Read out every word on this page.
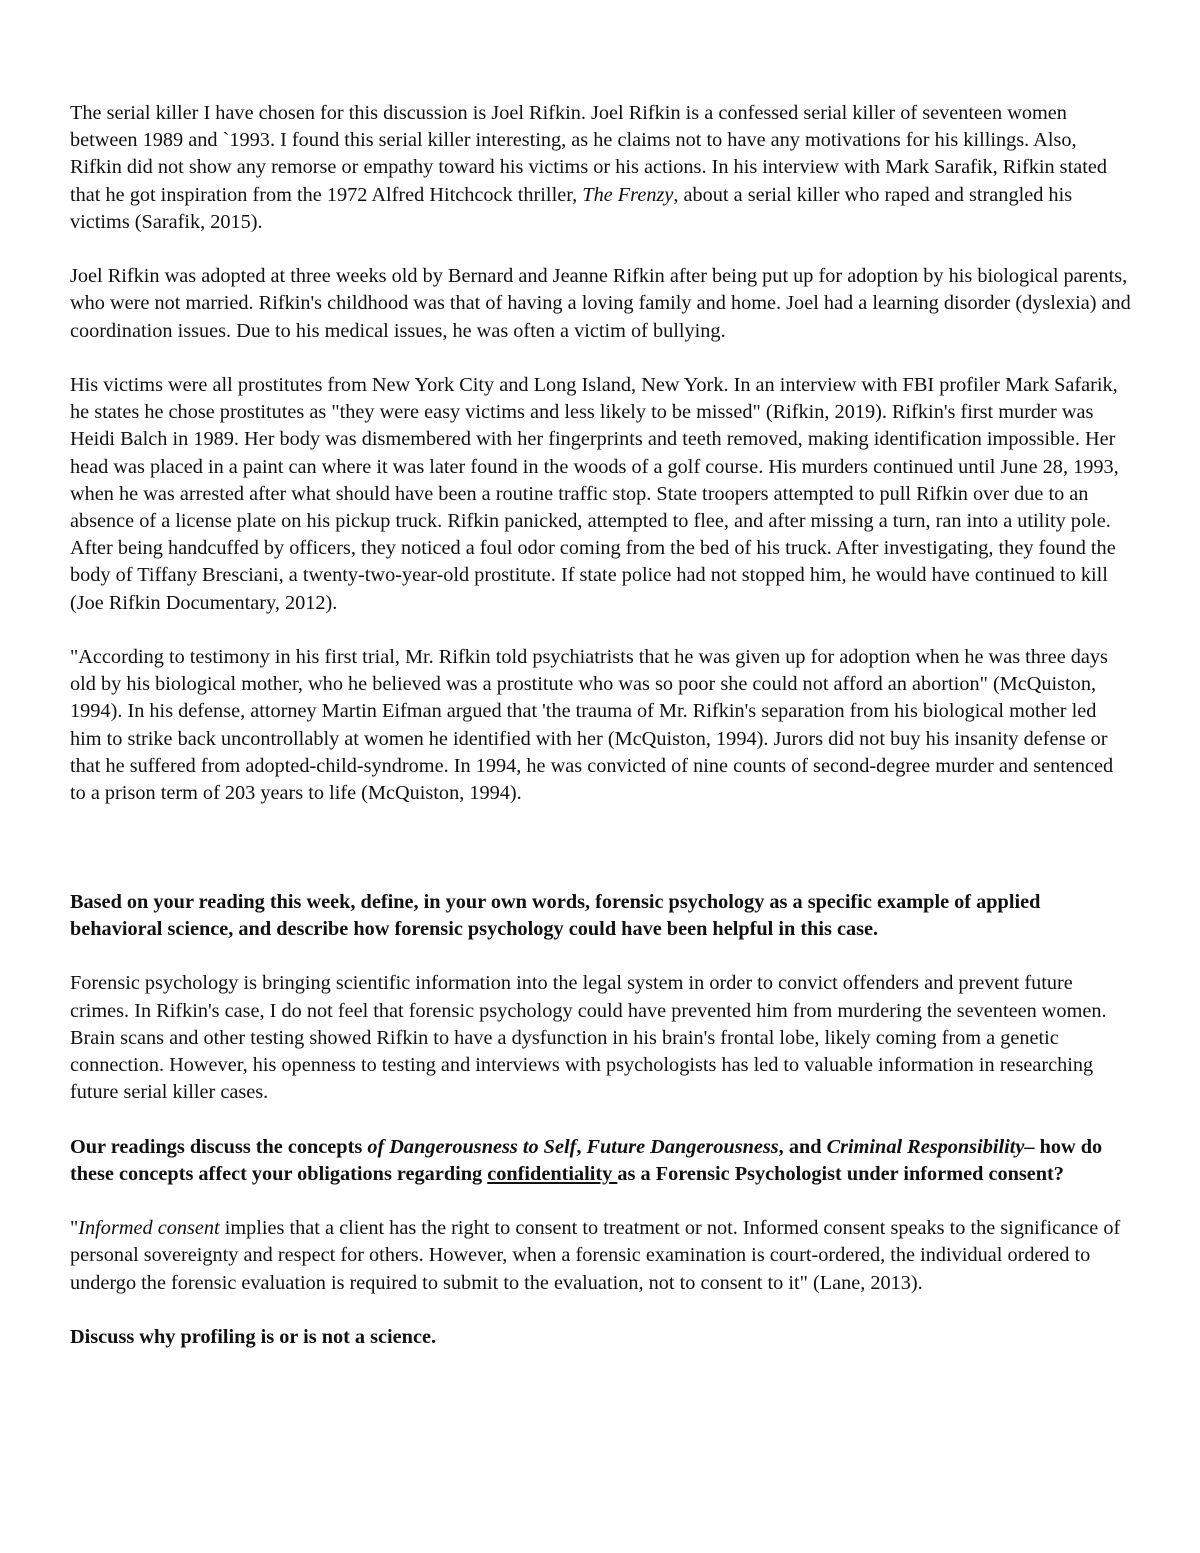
The serial killer I have chosen for this discussion is Joel Rifkin. Joel Rifkin is a confessed serial killer of seventeen women between 1989 and `1993. I found this serial killer interesting, as he claims not to have any motivations for his killings. Also, Rifkin did not show any remorse or empathy toward his victims or his actions. In his interview with Mark Sarafik, Rifkin stated that he got inspiration from the 1972 Alfred Hitchcock thriller, The Frenzy, about a serial killer who raped and strangled his victims (Sarafik, 2015).

Joel Rifkin was adopted at three weeks old by Bernard and Jeanne Rifkin after being put up for adoption by his biological parents, who were not married. Rifkin's childhood was that of having a loving family and home. Joel had a learning disorder (dyslexia) and coordination issues. Due to his medical issues, he was often a victim of bullying.

His victims were all prostitutes from New York City and Long Island, New York. In an interview with FBI profiler Mark Safarik, he states he chose prostitutes as "they were easy victims and less likely to be missed" (Rifkin, 2019). Rifkin's first murder was Heidi Balch in 1989. Her body was dismembered with her fingerprints and teeth removed, making identification impossible. Her head was placed in a paint can where it was later found in the woods of a golf course. His murders continued until June 28, 1993, when he was arrested after what should have been a routine traffic stop. State troopers attempted to pull Rifkin over due to an absence of a license plate on his pickup truck. Rifkin panicked, attempted to flee, and after missing a turn, ran into a utility pole. After being handcuffed by officers, they noticed a foul odor coming from the bed of his truck. After investigating, they found the body of Tiffany Bresciani, a twenty-two-year-old prostitute. If state police had not stopped him, he would have continued to kill (Joe Rifkin Documentary, 2012).

"According to testimony in his first trial, Mr. Rifkin told psychiatrists that he was given up for adoption when he was three days old by his biological mother, who he believed was a prostitute who was so poor she could not afford an abortion" (McQuiston, 1994). In his defense, attorney Martin Eifman argued that 'the trauma of Mr. Rifkin's separation from his biological mother led him to strike back uncontrollably at women he identified with her (McQuiston, 1994). Jurors did not buy his insanity defense or that he suffered from adopted-child-syndrome. In 1994, he was convicted of nine counts of second-degree murder and sentenced to a prison term of 203 years to life (McQuiston, 1994).

Based on your reading this week, define, in your own words, forensic psychology as a specific example of applied behavioral science, and describe how forensic psychology could have been helpful in this case.

Forensic psychology is bringing scientific information into the legal system in order to convict offenders and prevent future crimes. In Rifkin's case, I do not feel that forensic psychology could have prevented him from murdering the seventeen women. Brain scans and other testing showed Rifkin to have a dysfunction in his brain's frontal lobe, likely coming from a genetic connection. However, his openness to testing and interviews with psychologists has led to valuable information in researching future serial killer cases.

Our readings discuss the concepts of Dangerousness to Self, Future Dangerousness, and Criminal Responsibility– how do these concepts affect your obligations regarding confidentiality as a Forensic Psychologist under informed consent?

"Informed consent implies that a client has the right to consent to treatment or not. Informed consent speaks to the significance of personal sovereignty and respect for others. However, when a forensic examination is court-ordered, the individual ordered to undergo the forensic evaluation is required to submit to the evaluation, not to consent to it" (Lane, 2013).

Discuss why profiling is or is not a science.
